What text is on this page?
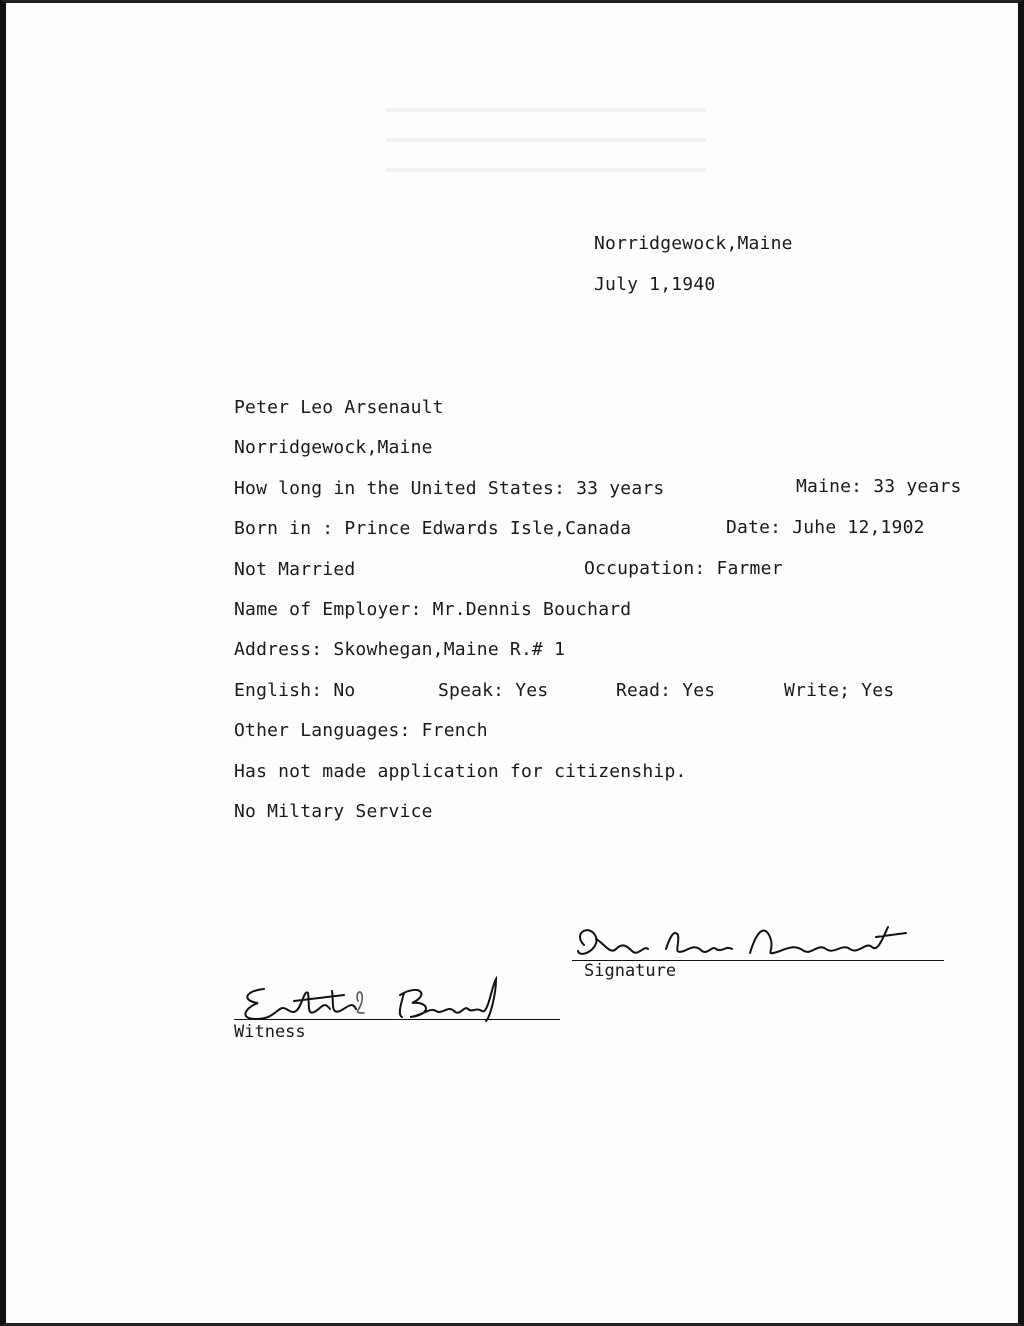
Norridgewock,Maine
July 1,1940
Peter Leo Arsenault
Norridgewock,Maine
How long in the United States: 33 years	Maine: 33 years
Born in : Prince Edwards Isle,Canada	Date: Juhe 12,1902
Not Married	Occupation: Farmer
Name of Employer: Mr.Dennis Bouchard
Address: Skowhegan,Maine R.# 1
English: No	Speak: Yes	Read: Yes	Write; Yes
Other Languages: French
Has not made application for citizenship.
No Miltary Service
Signature
Witness
